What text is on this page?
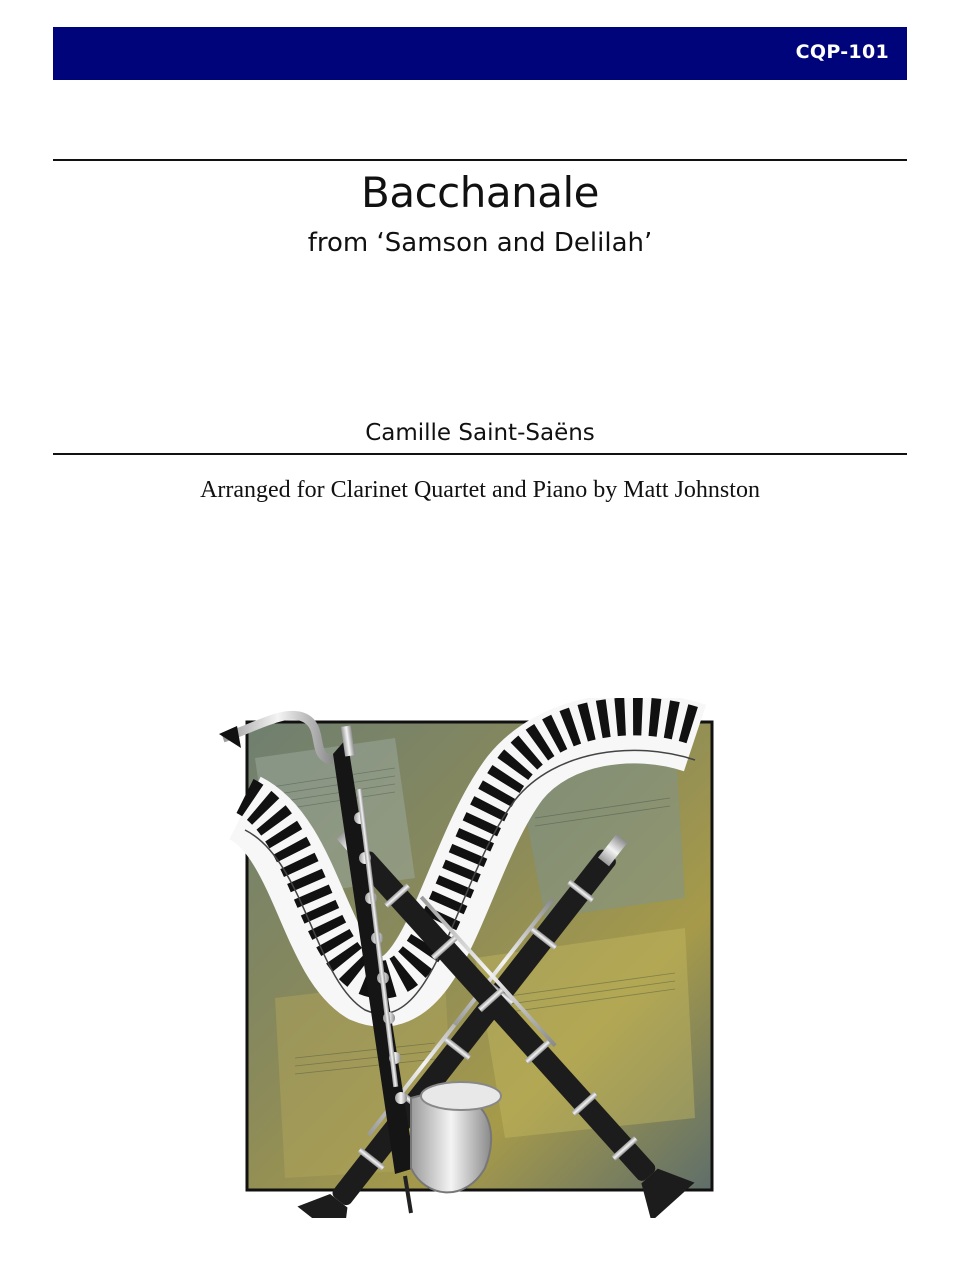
CQP-101
Bacchanale
from ‘Samson and Delilah’
Camille Saint-Saëns
Arranged for Clarinet Quartet and Piano by Matt Johnston
